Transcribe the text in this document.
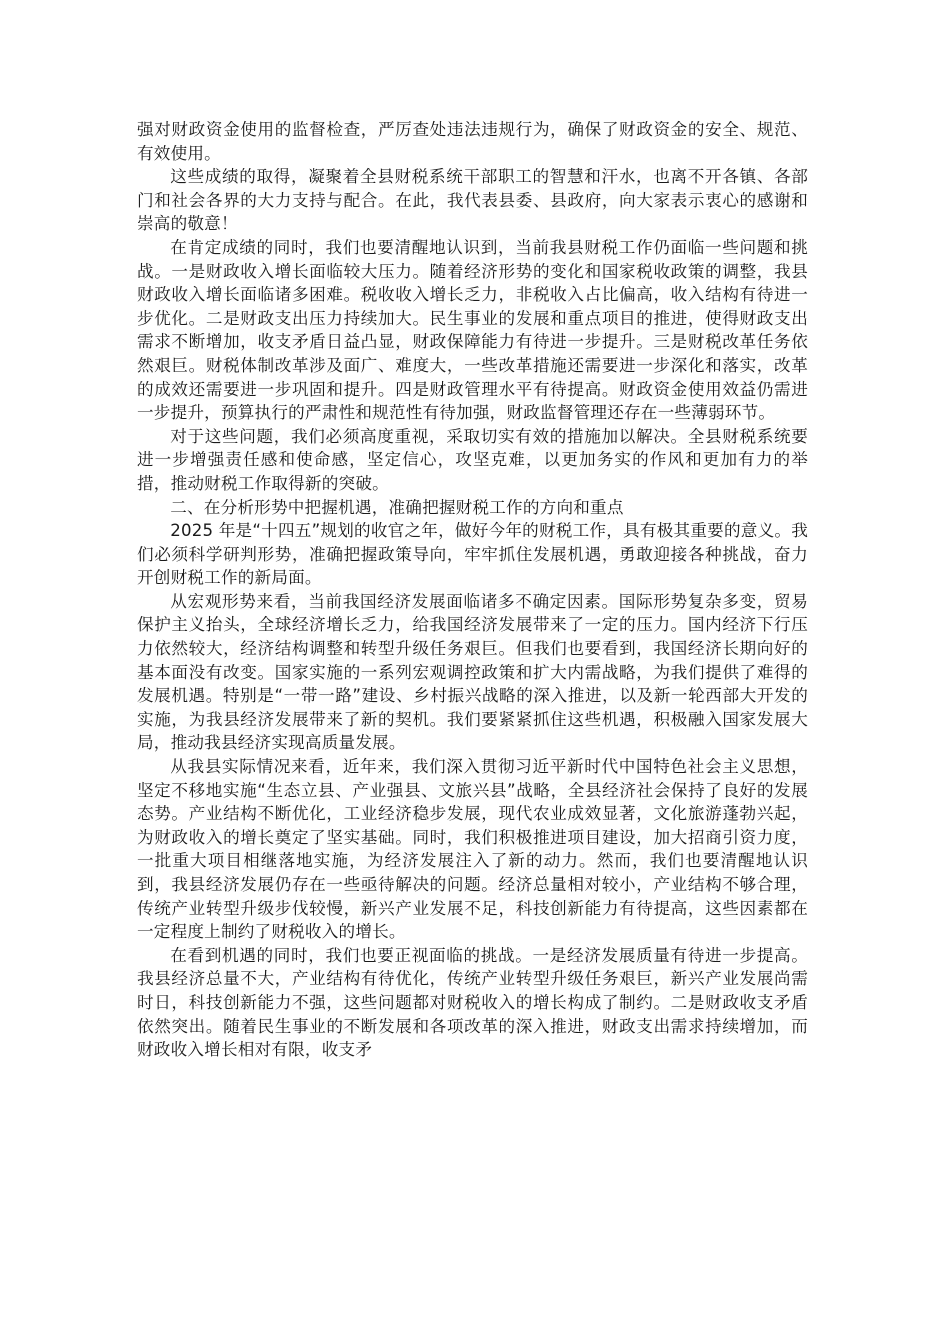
强对财政资金使用的监督检查，严厉查处违法违规行为，确保了财政资金的安全、规范、有效使用。

这些成绩的取得，凝聚着全县财税系统干部职工的智慧和汗水，也离不开各镇、各部门和社会各界的大力支持与配合。在此，我代表县委、县政府，向大家表示衷心的感谢和崇高的敬意！

在肯定成绩的同时，我们也要清醒地认识到，当前我县财税工作仍面临一些问题和挑战。一是财政收入增长面临较大压力。随着经济形势的变化和国家税收政策的调整，我县财政收入增长面临诸多困难。税收收入增长乏力，非税收入占比偏高，收入结构有待进一步优化。二是财政支出压力持续加大。民生事业的发展和重点项目的推进，使得财政支出需求不断增加，收支矛盾日益凸显，财政保障能力有待进一步提升。三是财税改革任务依然艰巨。财税体制改革涉及面广、难度大，一些改革措施还需要进一步深化和落实，改革的成效还需要进一步巩固和提升。四是财政管理水平有待提高。财政资金使用效益仍需进一步提升，预算执行的严肃性和规范性有待加强，财政监督管理还存在一些薄弱环节。

对于这些问题，我们必须高度重视，采取切实有效的措施加以解决。全县财税系统要进一步增强责任感和使命感，坚定信心，攻坚克难，以更加务实的作风和更加有力的举措，推动财税工作取得新的突破。

二、在分析形势中把握机遇，准确把握财税工作的方向和重点

2025 年是“十四五”规划的收官之年，做好今年的财税工作，具有极其重要的意义。我们必须科学研判形势，准确把握政策导向，牢牢抓住发展机遇，勇敢迎接各种挑战，奋力开创财税工作的新局面。

从宏观形势来看，当前我国经济发展面临诸多不确定因素。国际形势复杂多变，贸易保护主义抬头，全球经济增长乏力，给我国经济发展带来了一定的压力。国内经济下行压力依然较大，经济结构调整和转型升级任务艰巨。但我们也要看到，我国经济长期向好的基本面没有改变。国家实施的一系列宏观调控政策和扩大内需战略，为我们提供了难得的发展机遇。特别是“一带一路”建设、乡村振兴战略的深入推进，以及新一轮西部大开发的实施，为我县经济发展带来了新的契机。我们要紧紧抓住这些机遇，积极融入国家发展大局，推动我县经济实现高质量发展。

从我县实际情况来看，近年来，我们深入贯彻习近平新时代中国特色社会主义思想，坚定不移地实施“生态立县、产业强县、文旅兴县”战略，全县经济社会保持了良好的发展态势。产业结构不断优化，工业经济稳步发展，现代农业成效显著，文化旅游蓬勃兴起，为财政收入的增长奠定了坚实基础。同时，我们积极推进项目建设，加大招商引资力度，一批重大项目相继落地实施，为经济发展注入了新的动力。然而，我们也要清醒地认识到，我县经济发展仍存在一些亟待解决的问题。经济总量相对较小，产业结构不够合理，传统产业转型升级步伐较慢，新兴产业发展不足，科技创新能力有待提高，这些因素都在一定程度上制约了财税收入的增长。

在看到机遇的同时，我们也要正视面临的挑战。一是经济发展质量有待进一步提高。我县经济总量不大，产业结构有待优化，传统产业转型升级任务艰巨，新兴产业发展尚需时日，科技创新能力不强，这些问题都对财税收入的增长构成了制约。二是财政收支矛盾依然突出。随着民生事业的不断发展和各项改革的深入推进，财政支出需求持续增加，而财政收入增长相对有限，收支矛
